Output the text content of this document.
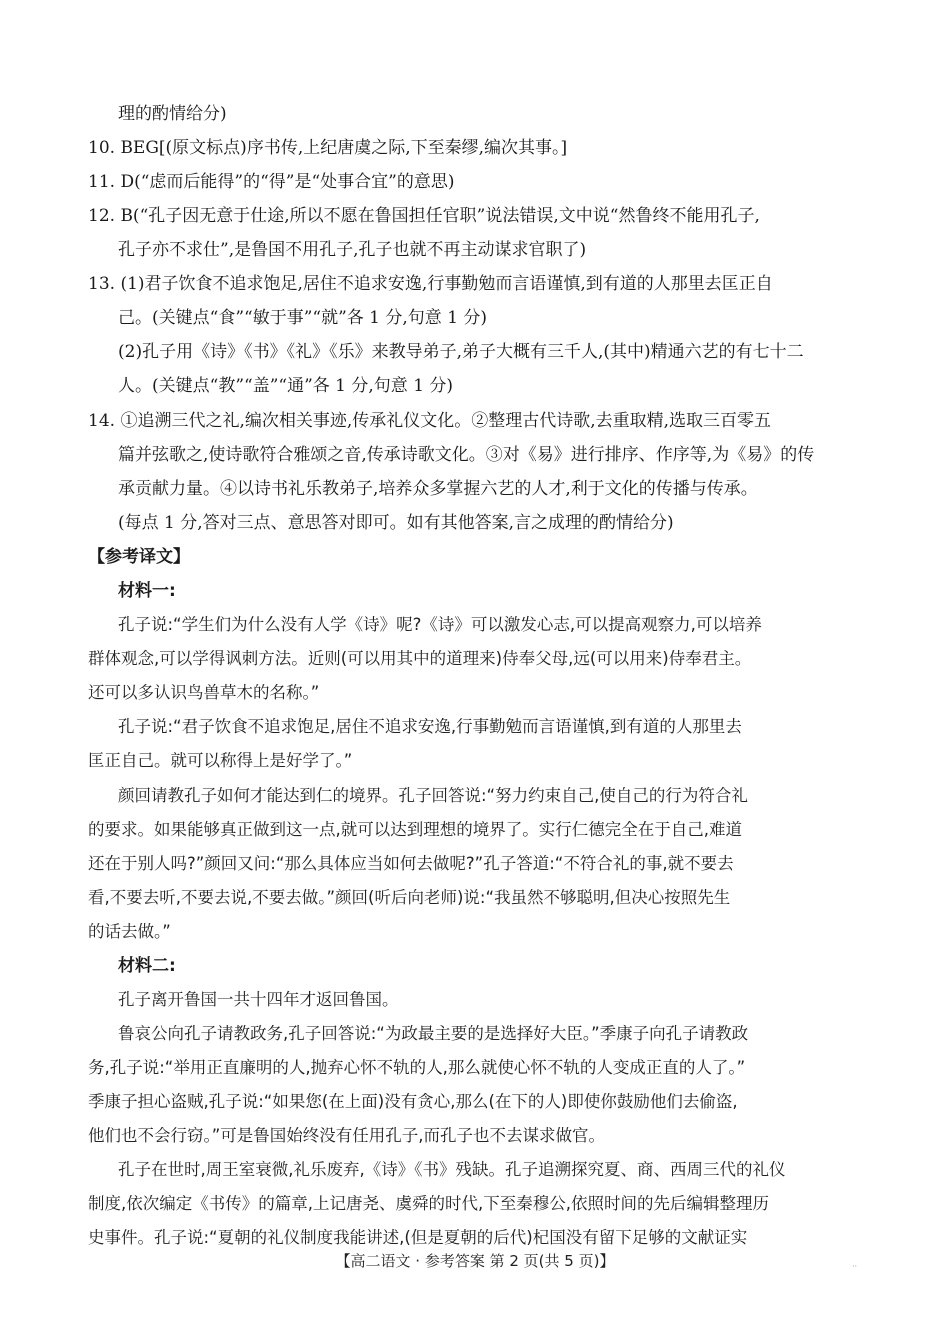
理的酌情给分)
10. BEG[(原文标点)序书传,上纪唐虞之际,下至秦缪,编次其事。]
11. D(“虑而后能得”的“得”是“处事合宜”的意思)
12. B(“孔子因无意于仕途,所以不愿在鲁国担任官职”说法错误,文中说“然鲁终不能用孔子,
孔子亦不求仕”,是鲁国不用孔子,孔子也就不再主动谋求官职了)
13. (1)君子饮食不追求饱足,居住不追求安逸,行事勤勉而言语谨慎,到有道的人那里去匡正自
己。(关键点“食”“敏于事”“就”各 1 分,句意 1 分)
(2)孔子用《诗》《书》《礼》《乐》来教导弟子,弟子大概有三千人,(其中)精通六艺的有七十二
人。(关键点“教”“盖”“通”各 1 分,句意 1 分)
14. ①追溯三代之礼,编次相关事迹,传承礼仪文化。②整理古代诗歌,去重取精,选取三百零五
篇并弦歌之,使诗歌符合雅颂之音,传承诗歌文化。③对《易》进行排序、作序等,为《易》的传
承贡献力量。④以诗书礼乐教弟子,培养众多掌握六艺的人才,利于文化的传播与传承。
(每点 1 分,答对三点、意思答对即可。如有其他答案,言之成理的酌情给分)
【参考译文】
材料一:
孔子说:“学生们为什么没有人学《诗》呢?《诗》可以激发心志,可以提高观察力,可以培养
群体观念,可以学得讽刺方法。近则(可以用其中的道理来)侍奉父母,远(可以用来)侍奉君主。
还可以多认识鸟兽草木的名称。”
孔子说:“君子饮食不追求饱足,居住不追求安逸,行事勤勉而言语谨慎,到有道的人那里去
匡正自己。就可以称得上是好学了。”
颜回请教孔子如何才能达到仁的境界。孔子回答说:“努力约束自己,使自己的行为符合礼
的要求。如果能够真正做到这一点,就可以达到理想的境界了。实行仁德完全在于自己,难道
还在于别人吗?”颜回又问:“那么具体应当如何去做呢?”孔子答道:“不符合礼的事,就不要去
看,不要去听,不要去说,不要去做。”颜回(听后向老师)说:“我虽然不够聪明,但决心按照先生
的话去做。”
材料二:
孔子离开鲁国一共十四年才返回鲁国。
鲁哀公向孔子请教政务,孔子回答说:“为政最主要的是选择好大臣。”季康子向孔子请教政
务,孔子说:“举用正直廉明的人,抛弃心怀不轨的人,那么就使心怀不轨的人变成正直的人了。”
季康子担心盗贼,孔子说:“如果您(在上面)没有贪心,那么(在下的人)即使你鼓励他们去偷盗,
他们也不会行窃。”可是鲁国始终没有任用孔子,而孔子也不去谋求做官。
孔子在世时,周王室衰微,礼乐废弃,《诗》《书》残缺。孔子追溯探究夏、商、西周三代的礼仪
制度,依次编定《书传》的篇章,上记唐尧、虞舜的时代,下至秦穆公,依照时间的先后编辑整理历
史事件。孔子说:“夏朝的礼仪制度我能讲述,(但是夏朝的后代)杞国没有留下足够的文献证实
【高二语文 · 参考答案 第 2 页(共 5 页)】	··
